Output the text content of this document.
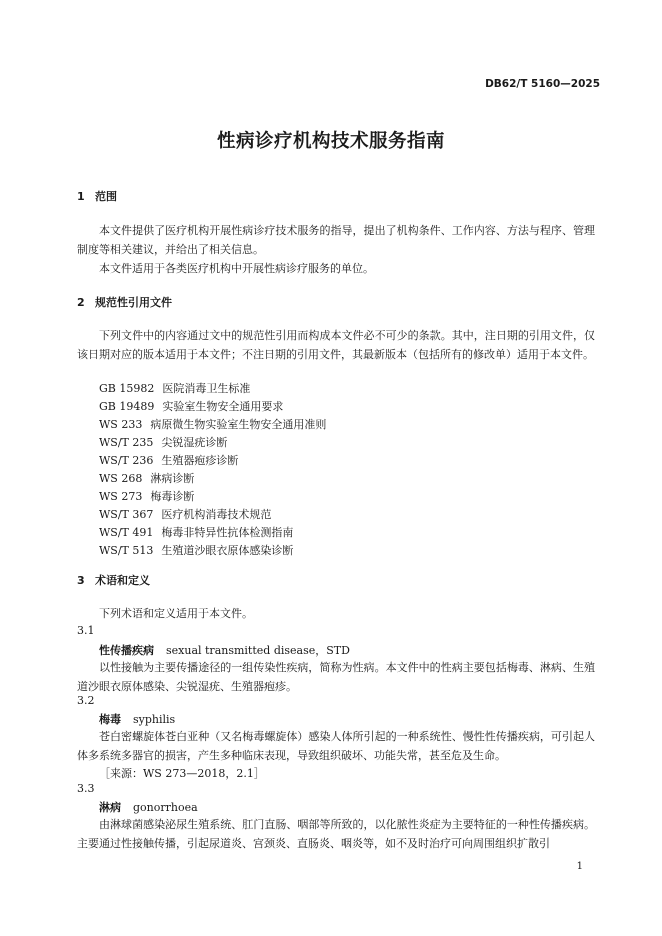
DB62/T 5160—2025
性病诊疗机构技术服务指南
1 范围
本文件提供了医疗机构开展性病诊疗技术服务的指导，提出了机构条件、工作内容、方法与程序、管理制度等相关建议，并给出了相关信息。
本文件适用于各类医疗机构中开展性病诊疗服务的单位。
2 规范性引用文件
下列文件中的内容通过文中的规范性引用而构成本文件必不可少的条款。其中，注日期的引用文件，仅该日期对应的版本适用于本文件；不注日期的引用文件，其最新版本（包括所有的修改单）适用于本文件。
GB 15982 医院消毒卫生标准
GB 19489 实验室生物安全通用要求
WS 233 病原微生物实验室生物安全通用准则
WS/T 235 尖锐湿疣诊断
WS/T 236 生殖器疱疹诊断
WS 268 淋病诊断
WS 273 梅毒诊断
WS/T 367 医疗机构消毒技术规范
WS/T 491 梅毒非特异性抗体检测指南
WS/T 513 生殖道沙眼衣原体感染诊断
3 术语和定义
下列术语和定义适用于本文件。
3.1
性传播疾病 sexual transmitted disease，STD
以性接触为主要传播途径的一组传染性疾病，简称为性病。本文件中的性病主要包括梅毒、淋病、生殖道沙眼衣原体感染、尖锐湿疣、生殖器疱疹。
3.2
梅毒 syphilis
苍白密螺旋体苍白亚种（又名梅毒螺旋体）感染人体所引起的一种系统性、慢性性传播疾病，可引起人体多系统多器官的损害，产生多种临床表现，导致组织破坏、功能失常，甚至危及生命。
［来源：WS 273—2018，2.1］
3.3
淋病 gonorrhoea
由淋球菌感染泌尿生殖系统、肛门直肠、咽部等所致的，以化脓性炎症为主要特征的一种性传播疾病。主要通过性接触传播，引起尿道炎、宫颈炎、直肠炎、咽炎等，如不及时治疗可向周围组织扩散引
1
